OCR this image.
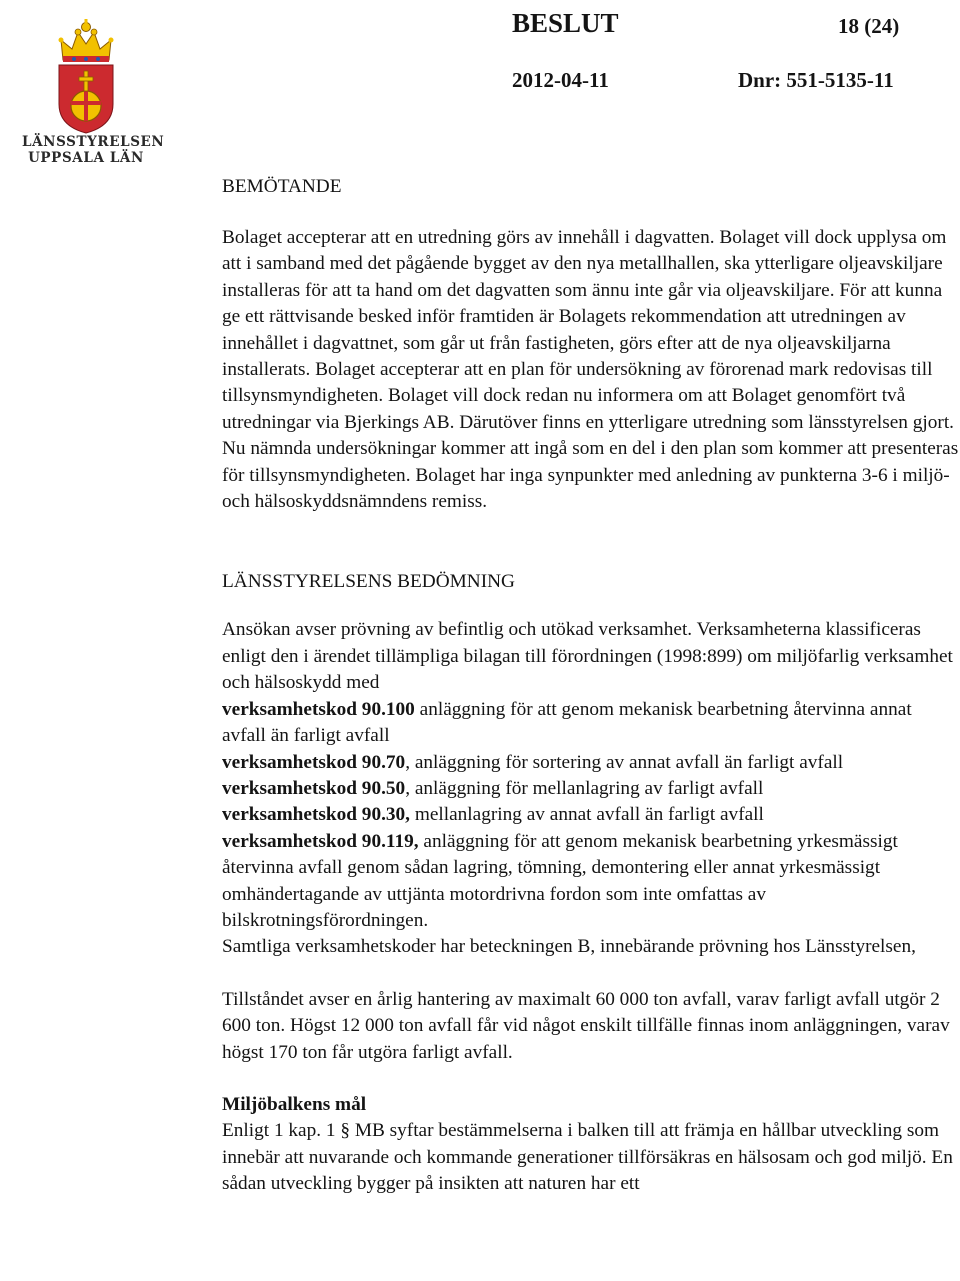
LÄNSSTYRELSEN
UPPSALA LÄN
BESLUT	18 (24)
2012-04-11	Dnr: 551-5135-11
BEMÖTANDE

Bolaget accepterar att en utredning görs av innehåll i dagvatten. Bolaget vill dock upplysa om att i samband med det pågående bygget av den nya metallhallen, ska ytterligare oljeavskiljare installeras för att ta hand om det dagvatten som ännu inte går via oljeavskiljare. För att kunna ge ett rättvisande besked inför framtiden är Bolagets rekommendation att utredningen av innehållet i dagvattnet, som går ut från fastigheten, görs efter att de nya oljeavskiljarna installerats. Bolaget accepterar att en plan för undersökning av förorenad mark redovisas till tillsynsmyndigheten. Bolaget vill dock redan nu informera om att Bolaget genomfört två utredningar via Bjerkings AB. Därutöver finns en ytterligare utredning som länsstyrelsen gjort. Nu nämnda undersökningar kommer att ingå som en del i den plan som kommer att presenteras för tillsynsmyndigheten. Bolaget har inga synpunkter med anledning av punkterna 3-6 i miljö- och hälsoskyddsnämndens remiss.

LÄNSSTYRELSENS BEDÖMNING

Ansökan avser prövning av befintlig och utökad verksamhet. Verksamheterna klassificeras enligt den i ärendet tillämpliga bilagan till förordningen (1998:899) om miljöfarlig verksamhet och hälsoskydd med

verksamhetskod 90.100 anläggning för att genom mekanisk bearbetning återvinna annat avfall än farligt avfall

verksamhetskod 90.70, anläggning för sortering av annat avfall än farligt avfall

verksamhetskod 90.50, anläggning för mellanlagring av farligt avfall

verksamhetskod 90.30, mellanlagring av annat avfall än farligt avfall

verksamhetskod 90.119, anläggning för att genom mekanisk bearbetning yrkesmässigt återvinna avfall genom sådan lagring, tömning, demontering eller annat yrkesmässigt omhändertagande av uttjänta motordrivna fordon som inte omfattas av bilskrotningsförordningen.

Samtliga verksamhetskoder har beteckningen B, innebärande prövning hos Länsstyrelsen,

Tillståndet avser en årlig hantering av maximalt 60 000 ton avfall, varav farligt avfall utgör 2 600 ton. Högst 12 000 ton avfall får vid något enskilt tillfälle finnas inom anläggningen, varav högst 170 ton får utgöra farligt avfall.

Miljöbalkens mål

Enligt 1 kap. 1 § MB syftar bestämmelserna i balken till att främja en hållbar utveckling som innebär att nuvarande och kommande generationer tillförsäkras en hälsosam och god miljö. En sådan utveckling bygger på insikten att naturen har ett
